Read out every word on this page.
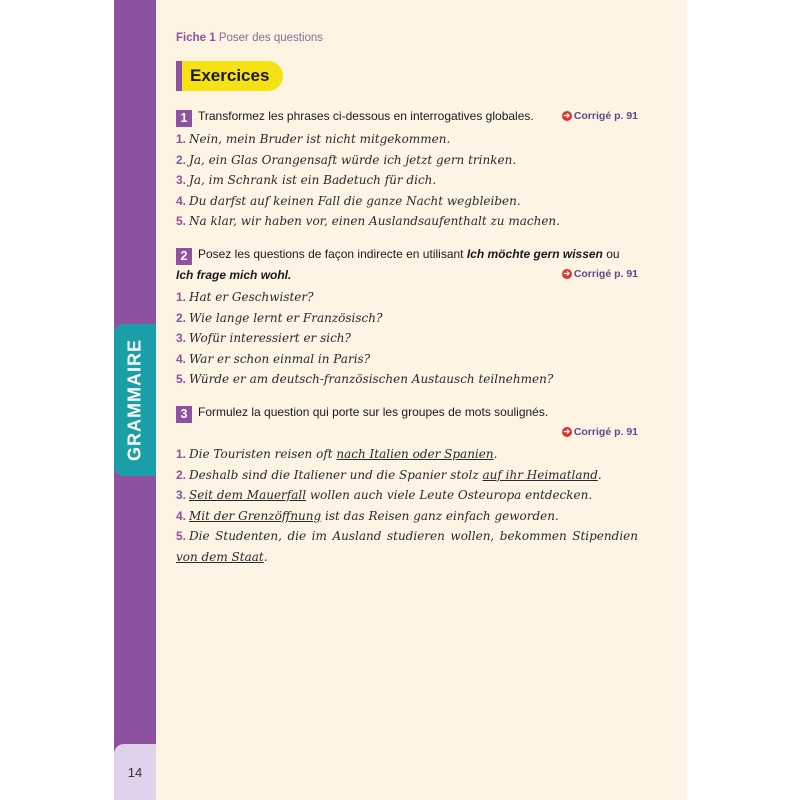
GRAMMAIRE
14
Fiche 1 Poser des questions
Exercices
1 Transformez les phrases ci-dessous en interrogatives globales.	➔ Corrigé p. 91
1. Nein, mein Bruder ist nicht mitgekommen.
2. Ja, ein Glas Orangensaft würde ich jetzt gern trinken.
3. Ja, im Schrank ist ein Badetuch für dich.
4. Du darfst auf keinen Fall die ganze Nacht wegbleiben.
5. Na klar, wir haben vor, einen Auslandsaufenthalt zu machen.
2 Posez les questions de façon indirecte en utilisant Ich möchte gern wissen ou Ich frage mich wohl.	➔ Corrigé p. 91
1. Hat er Geschwister?
2. Wie lange lernt er Französisch?
3. Wofür interessiert er sich?
4. War er schon einmal in Paris?
5. Würde er am deutsch-französischen Austausch teilnehmen?
3 Formulez la question qui porte sur les groupes de mots soulignés.
➔ Corrigé p. 91
1. Die Touristen reisen oft nach Italien oder Spanien.
2. Deshalb sind die Italiener und die Spanier stolz auf ihr Heimatland.
3. Seit dem Mauerfall wollen auch viele Leute Osteuropa entdecken.
4. Mit der Grenzöffnung ist das Reisen ganz einfach geworden.
5. Die Studenten, die im Ausland studieren wollen, bekommen Stipendien von dem Staat.
